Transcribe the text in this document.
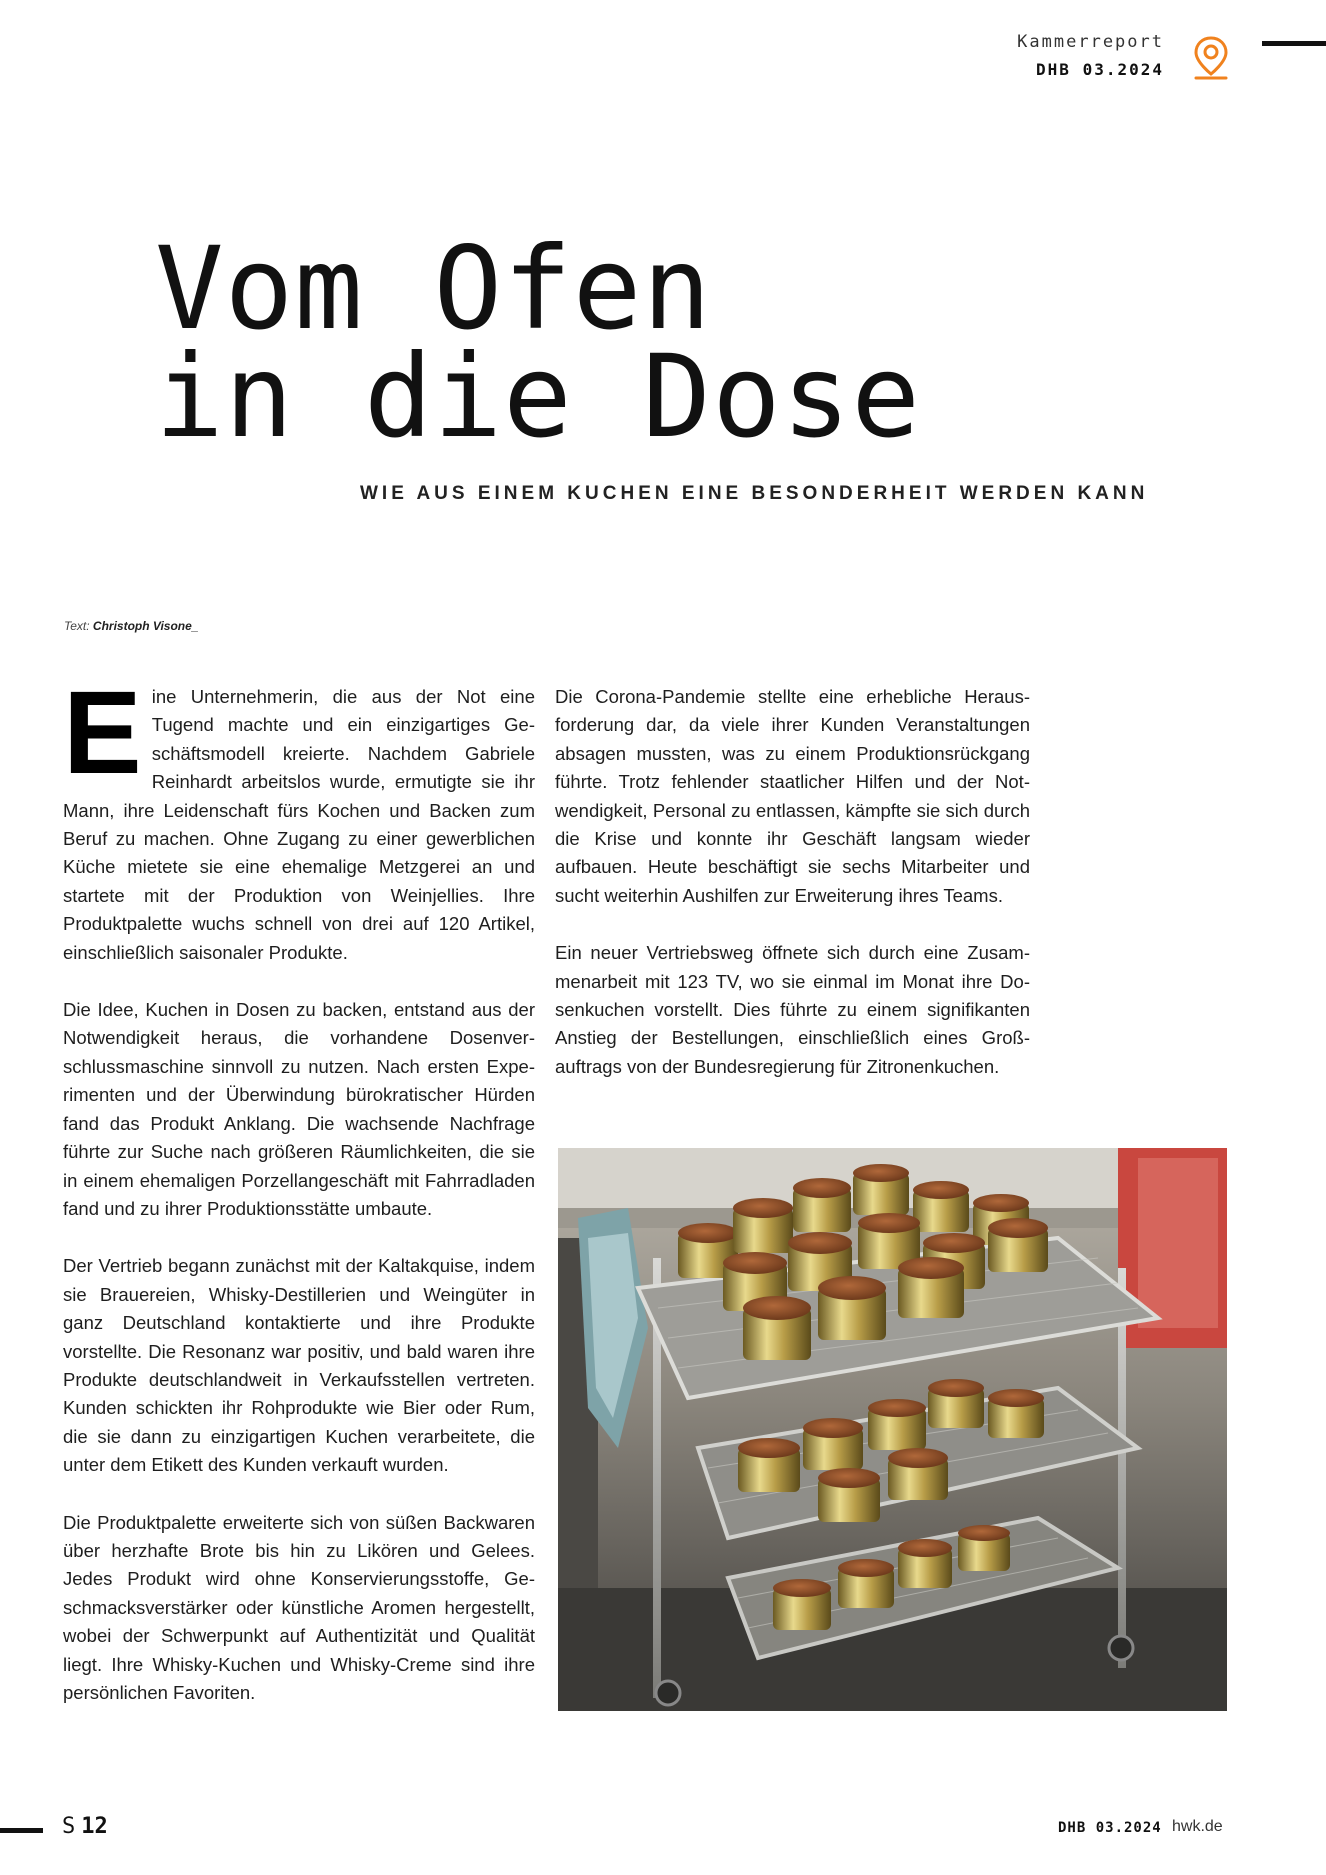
Kammerreport
DHB 03.2024
Vom Ofen
in die Dose
WIE AUS EINEM KUCHEN EINE BESONDERHEIT WERDEN KANN
Text: Christoph Visone_

Eine Unternehmerin, die aus der Not eine Tugend machte und ein einzigartiges Geschäftsmodell kreierte. Nachdem Gabriele Reinhardt arbeitslos wurde, ermutigte sie ihr Mann, ihre Leidenschaft fürs Kochen und Backen zum Beruf zu machen. Ohne Zugang zu einer gewerblichen Küche mietete sie eine ehemalige Metzgerei an und startete mit der Produktion von Weinjellies. Ihre Produktpalette wuchs schnell von drei auf 120 Artikel, einschließlich saisonaler Produkte.

Die Idee, Kuchen in Dosen zu backen, entstand aus der Notwendigkeit heraus, die vorhandene Dosenverschlussmaschine sinnvoll zu nutzen. Nach ersten Experimenten und der Überwindung bürokratischer Hürden fand das Produkt Anklang. Die wachsende Nachfrage führte zur Suche nach größeren Räumlichkeiten, die sie in einem ehemaligen Porzellangeschäft mit Fahrradladen fand und zu ihrer Produktionsstätte umbaute.

Der Vertrieb begann zunächst mit der Kaltakquise, indem sie Brauereien, Whisky-Destillerien und Weingüter in ganz Deutschland kontaktierte und ihre Produkte vorstellte. Die Resonanz war positiv, und bald waren ihre Produkte deutschlandweit in Verkaufsstellen vertreten. Kunden schickten ihr Rohprodukte wie Bier oder Rum, die sie dann zu einzigartigen Kuchen verarbeitete, die unter dem Etikett des Kunden verkauft wurden.

Die Produktpalette erweiterte sich von süßen Backwaren über herzhafte Brote bis hin zu Likören und Gelees. Jedes Produkt wird ohne Konservierungsstoffe, Geschmacksverstärker oder künstliche Aromen hergestellt, wobei der Schwerpunkt auf Authentizität und Qualität liegt. Ihre Whisky-Kuchen und Whisky-Creme sind ihre persönlichen Favoriten.

Die Corona-Pandemie stellte eine erhebliche Herausforderung dar, da viele ihrer Kunden Veranstaltungen absagen mussten, was zu einem Produktionsrückgang führte. Trotz fehlender staatlicher Hilfen und der Notwendigkeit, Personal zu entlassen, kämpfte sie sich durch die Krise und konnte ihr Geschäft langsam wieder aufbauen. Heute beschäftigt sie sechs Mitarbeiter und sucht weiterhin Aushilfen zur Erweiterung ihres Teams.

Ein neuer Vertriebsweg öffnete sich durch eine Zusammenarbeit mit 123 TV, wo sie einmal im Monat ihre Dosenkuchen vorstellt. Dies führte zu einem signifikanten Anstieg der Bestellungen, einschließlich eines Großauftrags von der Bundesregierung für Zitronenkuchen.

S 12	DHB 03.2024 hwk.de
